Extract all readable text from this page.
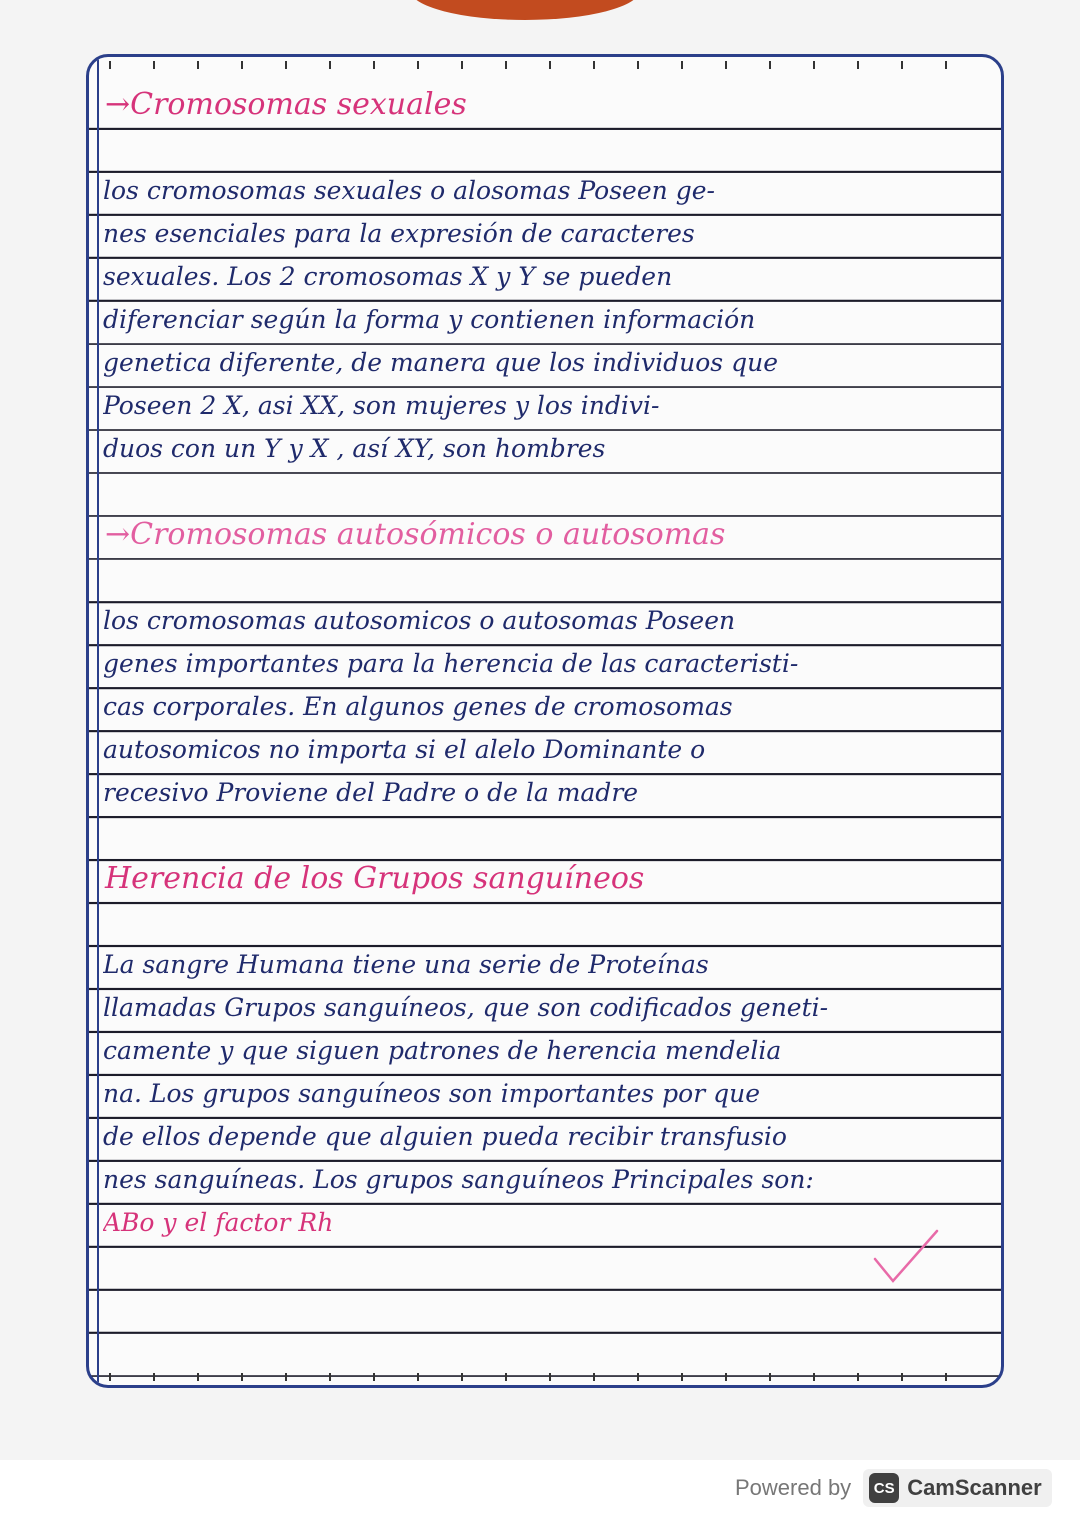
→Cromosomas sexuales
los cromosomas sexuales o alosomas Poseen ge-
nes esenciales para la expresión de caracteres
sexuales. Los 2 cromosomas X y Y se pueden
diferenciar según la forma y contienen información
genetica diferente, de manera que los individuos que
Poseen 2 X, asi XX, son mujeres y los indivi-
duos con un Y y X , así XY, son hombres
→Cromosomas autosómicos o autosomas
los cromosomas autosomicos o autosomas Poseen
genes importantes para la herencia de las caracteristi-
cas corporales. En algunos genes de cromosomas
autosomicos no importa si el alelo Dominante o
recesivo Proviene del Padre o de la madre
Herencia de los Grupos sanguíneos
La sangre Humana tiene una serie de Proteínas
llamadas Grupos sanguíneos, que son codificados geneti-
camente y que siguen patrones de herencia mendelia
na. Los grupos sanguíneos son importantes por que
de ellos depende que alguien pueda recibir transfusio
nes sanguíneas. Los grupos sanguíneos Principales son:
ABo y el factor Rh
Powered by	CS CamScanner
